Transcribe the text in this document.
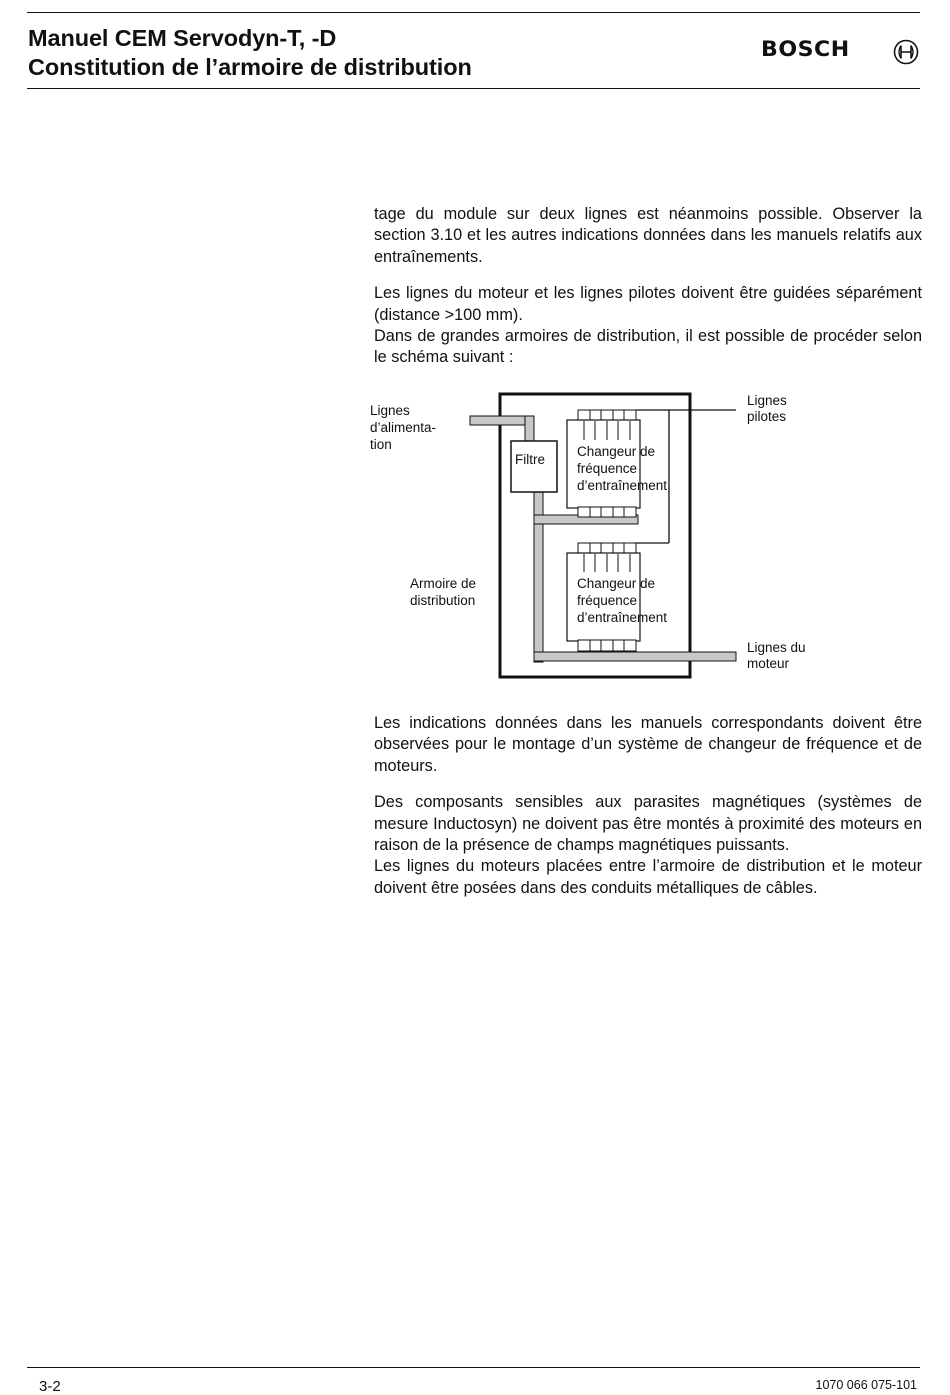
Manuel CEM Servodyn-T, -D
Constitution de l’armoire de distribution
BOSCH

tage du module sur deux lignes est néanmoins possible. Observer la section 3.10 et les autres indications données dans les manuels relatifs aux entraînements.

Les lignes du moteur et les lignes pilotes doivent être guidées séparément (distance >100 mm).

Dans de grandes armoires de distribution, il est possible de procéder selon le schéma suivant :

Filtre
Changeur de
fréquence
d’entraînement
Changeur de
fréquence
d’entraînement
Lignes
d’alimenta-
tion
Armoire de
distribution
Lignes
pilotes
Lignes du
moteur

Les indications données dans les manuels correspondants doivent être observées pour le montage d’un système de changeur de fréquence et de moteurs.

Des composants sensibles aux parasites magnétiques (systèmes de mesure Inductosyn) ne doivent pas être montés à proximité des moteurs en raison de la présence de champs magnétiques puissants.

Les lignes du moteurs placées entre l’armoire de distribution et le moteur doivent être posées dans des conduits métalliques de câbles.

3-2	1070 066 075-101
